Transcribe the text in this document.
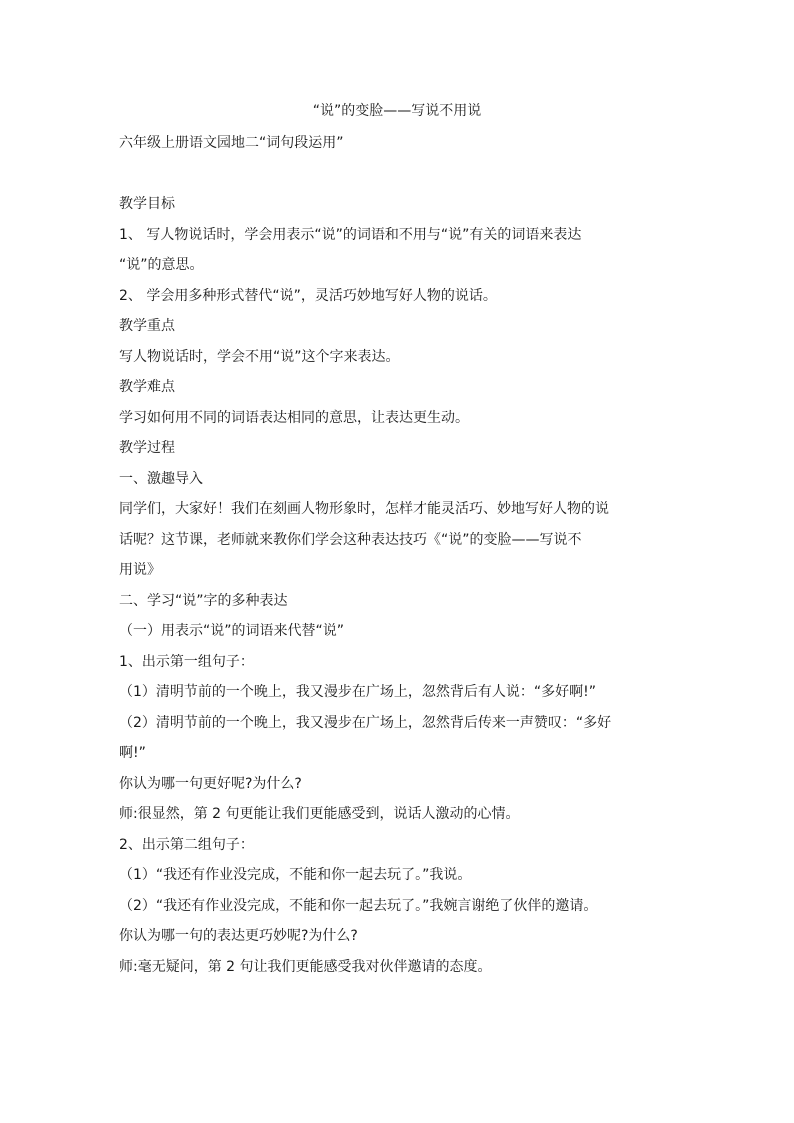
“说”的变脸——写说不用说
六年级上册语文园地二“词句段运用”
教学目标
1、 写人物说话时，学会用表示“说”的词语和不用与“说”有关的词语来表达
“说”的意思。
2、 学会用多种形式替代“说”，灵活巧妙地写好人物的说话。
教学重点
写人物说话时，学会不用“说”这个字来表达。
教学难点
学习如何用不同的词语表达相同的意思，让表达更生动。
教学过程
一、激趣导入
同学们，大家好！我们在刻画人物形象时，怎样才能灵活巧、妙地写好人物的说
话呢？这节课，老师就来教你们学会这种表达技巧《“说”的变脸——写说不
用说》
二、学习“说”字的多种表达
（一）用表示“说”的词语来代替“说”
1、出示第一组句子：
（1）清明节前的一个晚上，我又漫步在广场上，忽然背后有人说：“多好啊!”
（2）清明节前的一个晚上，我又漫步在广场上，忽然背后传来一声赞叹：“多好
啊!”
你认为哪一句更好呢?为什么?
师:很显然，第 2 句更能让我们更能感受到，说话人激动的心情。
2、出示第二组句子：
（1）“我还有作业没完成，不能和你一起去玩了。”我说。
（2）“我还有作业没完成，不能和你一起去玩了。”我婉言谢绝了伙伴的邀请。
你认为哪一句的表达更巧妙呢?为什么?
师:毫无疑问，第 2 句让我们更能感受我对伙伴邀请的态度。
